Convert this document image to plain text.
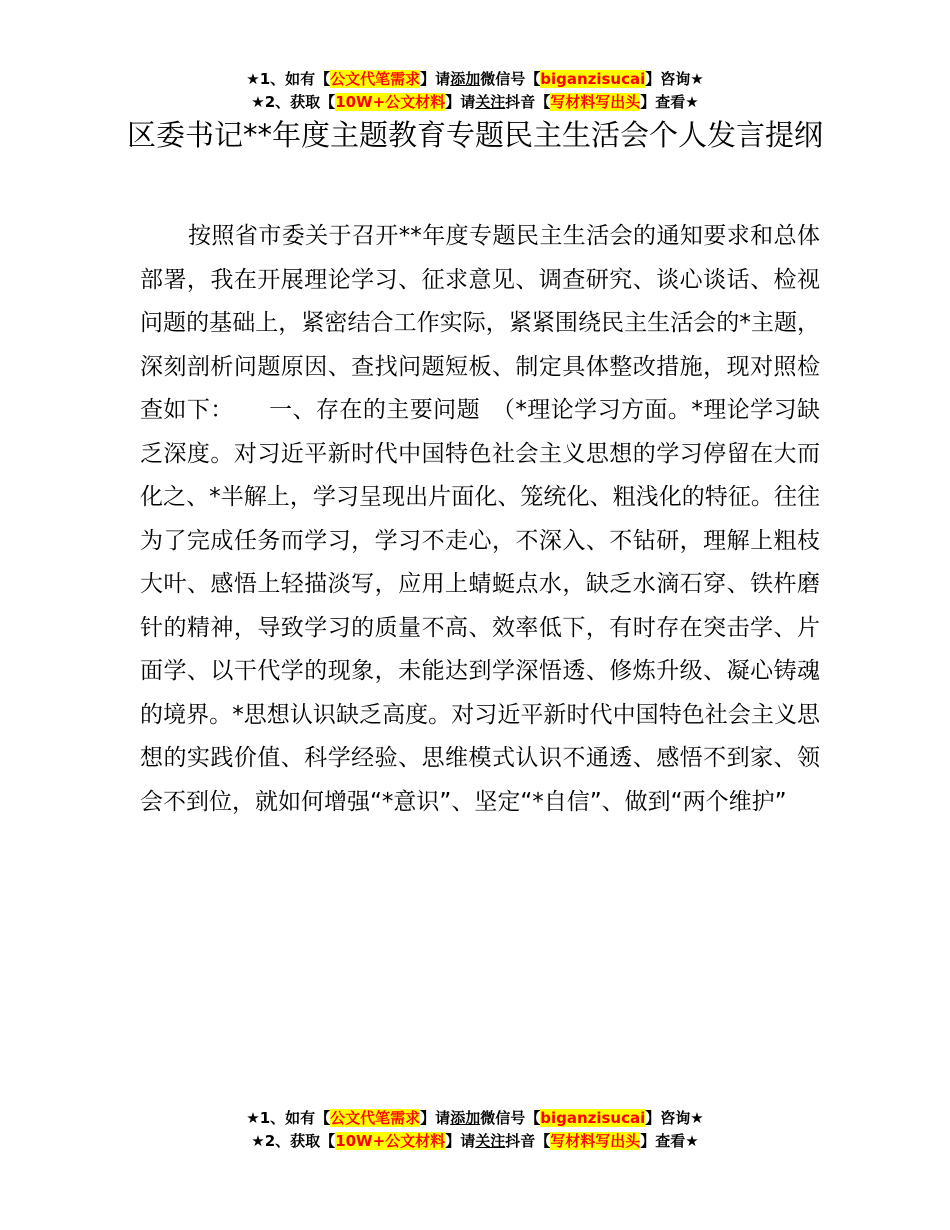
★1、如有【公文代笔需求】请添加微信号【biganzisucai】咨询★
★2、获取【10W+公文材料】请关注抖音【写材料写出头】查看★
区委书记**年度主题教育专题民主生活会个人发言提纲

按照省市委关于召开**年度专题民主生活会的通知要求和总体部署，我在开展理论学习、征求意见、调查研究、谈心谈话、检视问题的基础上，紧密结合工作实际，紧紧围绕民主生活会的*主题，深刻剖析问题原因、查找问题短板、制定具体整改措施，现对照检查如下：　　一、存在的主要问题　（*理论学习方面。*理论学习缺乏深度。对习近平新时代中国特色社会主义思想的学习停留在大而化之、*半解上，学习呈现出片面化、笼统化、粗浅化的特征。往往为了完成任务而学习，学习不走心，不深入、不钻研，理解上粗枝大叶、感悟上轻描淡写，应用上蜻蜓点水，缺乏水滴石穿、铁杵磨针的精神，导致学习的质量不高、效率低下，有时存在突击学、片面学、以干代学的现象，未能达到学深悟透、修炼升级、凝心铸魂的境界。*思想认识缺乏高度。对习近平新时代中国特色社会主义思想的实践价值、科学经验、思维模式认识不通透、感悟不到家、领会不到位，就如何增强“*意识”、坚定“*自信”、做到“两个维护”

★1、如有【公文代笔需求】请添加微信号【biganzisucai】咨询★
★2、获取【10W+公文材料】请关注抖音【写材料写出头】查看★
